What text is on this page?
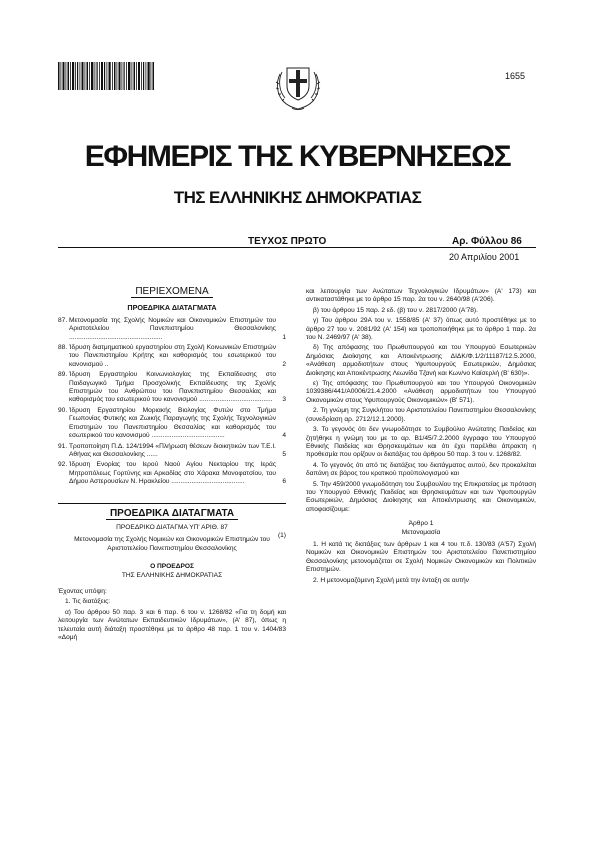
1655
ΕΦΗΜΕΡΙΣ ΤΗΣ ΚΥΒΕΡΝΗΣΕΩΣ
ΤΗΣ ΕΛΛΗΝΙΚΗΣ ΔΗΜΟΚΡΑΤΙΑΣ
ΤΕΥΧΟΣ ΠΡΩΤΟ	Αρ. Φύλλου 86
20 Απριλίου 2001
ΠΕΡΙΕΧΟΜΕΝΑ
ΠΡΟΕΔΡΙΚΑ ΔΙΑΤΑΓΜΑΤΑ
87. Μετονομασία της Σχολής Νομικών και Οικονομικών Επιστημών του Αριστοτελείου Πανεπιστημίου Θεσσαλονίκης ...................................................	1
88. Ίδρυση διατμηματικού εργαστηρίου στη Σχολή Κοινωνικών Επιστημών του Πανεπιστημίου Κρήτης και καθορισμός του εσωτερικού του κανονισμού ..	2
89. Ίδρυση Εργαστηρίου Κοινωνιολογίας της Εκπαίδευσης στο Παιδαγωγικό Τμήμα Προσχολικής Εκπαίδευσης της Σχολής Επιστημών του Ανθρώπου του Πανεπιστημίου Θεσσαλίας και καθορισμός του εσωτερικού του κανονισμού ........................................	3
90. Ίδρυση Εργαστηρίου Μοριακής Βιολογίας Φυτών στο Τμήμα Γεωπονίας Φυτικής και Ζωικής Παραγωγής της Σχολής Τεχνολογικών Επιστημών του Πανεπιστημίου Θεσσαλίας και καθορισμός του εσωτερικού του κανονισμού ........................................	4
91. Τροποποίηση Π.Δ. 124/1994 «Πλήρωση θέσεων διοικητικών των Τ.Ε.Ι. Αθήνας και Θεσσαλονίκης ......	5
92. Ίδρυση Ενορίας του Ιερού Ναού Αγίου Νεκταρίου της Ιεράς Μητροπόλεως Γορτύνης και Αρκαδίας στο Χάρακα Μονοφατσίου, του Δήμου Αστερουσίων Ν. Ηρακλείου ........................................	6
ΠΡΟΕΔΡΙΚΑ ΔΙΑΤΑΓΜΑΤΑ
ΠΡΟΕΔΡΙΚΟ ΔΙΑΤΑΓΜΑ ΥΠ' ΑΡΙΘ. 87
(1)
Μετονομασία της Σχολής Νομικών και Οικονομικών Επιστημών του Αριστοτελείου Πανεπιστημίου Θεσσαλονίκης
Ο ΠΡΟΕΔΡΟΣ
ΤΗΣ ΕΛΛΗΝΙΚΗΣ ΔΗΜΟΚΡΑΤΙΑΣ

Έχοντας υπόψη:

1. Τις διατάξεις:

α) Του άρθρου 50 παρ. 3 και 6 παρ. 6 του ν. 1268/82 «Για τη δομή και λειτουργία των Ανώτατων Εκπαιδευτικών Ιδρυμάτων», (Α' 87), όπως η τελευταία αυτή διάταξη προστέθηκε με το άρθρο 48 παρ. 1 του ν. 1404/83 «Δομή

και λειτουργία των Ανώτατων Τεχνολογικών Ιδρυμάτων» (Α' 173) και αντικαταστάθηκε με το άρθρο 15 παρ. 2α του ν. 2640/98 (Α'206).

β) του άρθρου 15 παρ. 2 εδ. (β) του ν. 2817/2000 (Α'78).

γ) Του άρθρου 29Α του ν. 1558/85 (Α' 37) όπως αυτό προστέθηκε με το άρθρο 27 του ν. 2081/92 (Α' 154) και τροποποιήθηκε με το άρθρο 1 παρ. 2α του Ν. 2469/97 (Α' 38).

δ) Της απόφασης του Πρωθυπουργού και του Υπουργού Εσωτερικών Δημόσιας Διοίκησης και Αποκέντρωσης ΔΙΔΚ/Φ.1/2/11187/12.5.2000, «Ανάθεση αρμοδιοτήτων στους Υφυπουργούς Εσωτερικών, Δημόσιας Διοίκησης και Αποκέντρωσης Λεωνίδα Τζανή και Κων/νο Καϊσερλή (Β' 630)».

ε) Της απόφασης του Πρωθυπουργού και του Υπουργού Οικονομικών 1039386/441/Α0006/21.4.2000 «Ανάθεση αρμοδιοτήτων του Υπουργού Οικονομικών στους Υφυπουργούς Οικονομικών» (Β' 571).

2. Τη γνώμη της Συγκλήτου του Αριστοτελείου Πανεπιστημίου Θεσσαλονίκης (συνεδρίαση αρ. 2712/12.1.2000).

3. Το γεγονός ότι δεν γνωμοδότησε το Συμβούλιο Ανώτατης Παιδείας και ζητήθηκε η γνώμη του με το αρ. Β1/45/7.2.2000 έγγραφο του Υπουργού Εθνικής Παιδείας και Θρησκευμάτων και ότι έχει παρέλθει άπρακτη η προθεσμία που ορίζουν οι διατάξεις του άρθρου 50 παρ. 3 του ν. 1268/82.

4. Το γεγονός ότι από τις διατάξεις του διατάγματος αυτού, δεν προκαλείται δαπάνη σε βάρος του κρατικού προϋπολογισμού και

5. Την 459/2000 γνωμοδότηση του Συμβουλίου της Επικρατείας με πρόταση του Υπουργού Εθνικής Παιδείας και Θρησκευμάτων και των Υφυπουργών Εσωτερικών, Δημόσιας Διοίκησης και Αποκέντρωσης και Οικονομικών, αποφασίζουμε:

Άρθρο 1
Μετονομασία

1. Η κατά τις διατάξεις των άρθρων 1 και 4 του π.δ. 130/83 (Α'57) Σχολή Νομικών και Οικονομικών Επιστημών του Αριστοτελείου Πανεπιστημίου Θεσσαλονίκης μετονομάζεται σε Σχολή Νομικών Οικονομικών και Πολιτικών Επιστημών.

2. Η μετονομαζόμενη Σχολή μετά την ένταξη σε αυτήν
